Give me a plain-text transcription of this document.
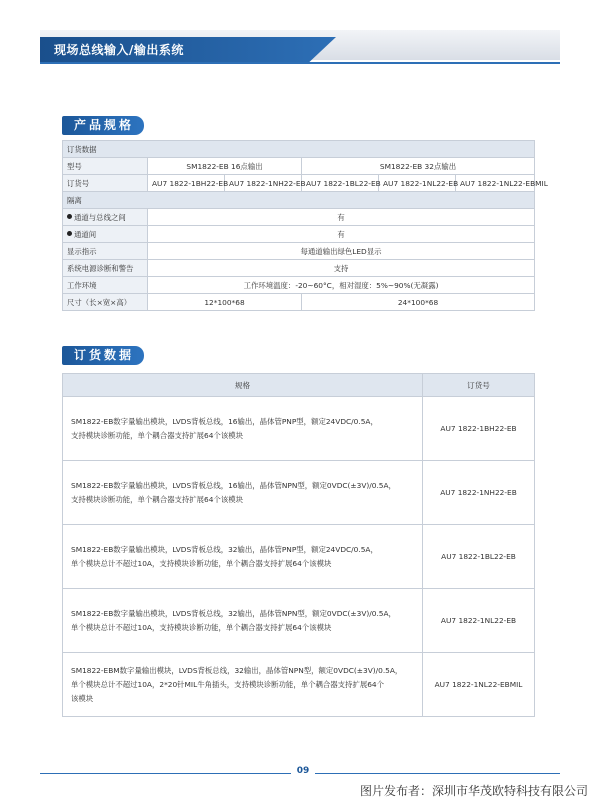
现场总线输入/输出系统
产品规格
订货数据					
型号	SM1822-EB 16点输出		SM1822-EB 32点输出		
订货号	AU7 1822-1BH22-EB	AU7 1822-1NH22-EB	AU7 1822-1BL22-EB	AU7 1822-1NL22-EB	AU7 1822-1NL22-EBMIL
隔离					
通道与总线之间	有				
通道间	有				
显示指示	每通道输出绿色LED显示				
系统电源诊断和警告	支持				
工作环境	工作环境温度：-20~60°C，相对湿度：5%~90%(无凝露)				
尺寸（长×宽×高）	12*100*68		24*100*68		
订货数据
规格	订货号

SM1822-EB数字量输出模块，LVDS背板总线，16输出，晶体管PNP型，额定24VDC/0.5A，
支持模块诊断功能，单个耦合器支持扩展64个该模块	AU7 1822-1BH22-EB

SM1822-EB数字量输出模块，LVDS背板总线，16输出，晶体管NPN型，额定0VDC(±3V)/0.5A，
支持模块诊断功能，单个耦合器支持扩展64个该模块	AU7 1822-1NH22-EB

SM1822-EB数字量输出模块，LVDS背板总线，32输出，晶体管PNP型，额定24VDC/0.5A，
单个模块总计不超过10A，支持模块诊断功能，单个耦合器支持扩展64个该模块	AU7 1822-1BL22-EB

SM1822-EB数字量输出模块，LVDS背板总线，32输出，晶体管NPN型，额定0VDC(±3V)/0.5A，
单个模块总计不超过10A，支持模块诊断功能，单个耦合器支持扩展64个该模块	AU7 1822-1NL22-EB

SM1822-EBM数字量输出模块，LVDS背板总线，32输出，晶体管NPN型，额定0VDC(±3V)/0.5A，
单个模块总计不超过10A，2*20针MIL牛角插头，支持模块诊断功能，单个耦合器支持扩展64个
该模块	AU7 1822-1NL22-EBMIL
09
图片发布者：深圳市华茂欧特科技有限公司
